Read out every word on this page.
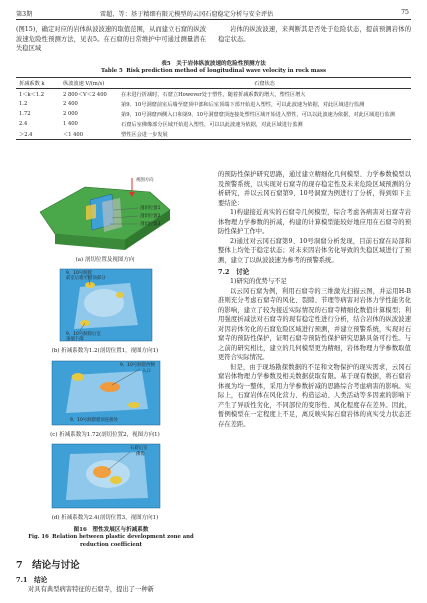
第3期	雷超，等：基于精细有限元模型的云冈石窟稳定分析与安全评估	75
(图15)，确定对应的岩体纵波波速的取值范围，从而建立石窟的纵波波速危险性预测方法，见表5。在石窟的日常维护中可通过测量潜在失稳区域
岩体的纵波波速，来判断其是否处于危险状态，提前预测岩体的稳定状态。
表5　关于岩体纵波波速的危险性预测方法
Table 5 Risk prediction method of longitudinal wave velocity in rock mass
折减系数 k	纵波波速 V/(m/s)	石窟状态
1＜k＜1.2	2 800＜V＜2 400	在未进行折减时，石窟立However处于塑性，随着折减系数的增大，塑性区增大
1.2	2 400	第9、10号洞窟前室后墙至窟顶中部和后室顶端下部开始进入塑性，可以此波速为依据，对此区域进行监测
1.72	2 000	第9、10号洞窟西侧入口和第9、10号洞窟窟顶连接处塑性区域开始进入塑性，可以以此波速为依据，对此区域进行监测
2.4	1 400	石窟后室佛像部分区域开始进入塑性，可以以此波速为依据，对此区域进行监测
＞2.4	＜1 400	塑性区会进一步发展
视图方向
剖切位置1
剖切位置2
剖切位置3
(a) 剖切位置及视图方向
9、10号洞窟
前室后墙至窟顶部分
9、10号洞窟后室
顶端下部
(b) 折减系数为1.2(剖切位置1，视图方向1)
9、10号洞窟西侧
入口
9、10号洞窟窟顶连接处
(c) 折减系数为1.72(剖切位置2，视图方向1)
石窟后室
佛像
(d) 折减系数为2.4(剖切位置3，视图方向1)
图16　塑性发展区与折减系数
Fig. 16 Relation between plastic development zone and reduction coefficient
7　结论与讨论
7.1　结论
对具有典型病害特征的石窟寺，提出了一种新
的预防性保护研究思路，通过建立精细化几何模型、力学参数模型以及预警系统，以实现对石窟寺的现存稳定性及未来危险区域预测的分析研究，并以云冈石窟第9、10号洞窟为例进行了分析，得到如下主要结论：
1)构建接近真实的石窟寺几何模型，综合考虑各病害对石窟寺岩体物理力学参数的折减，构建的计算模型能较好地应用在石窟寺的预防性保护工作中。
2)通过对云冈石窟第9、10号洞窟分析发现，目前石窟在局部和整体上均处于稳定状态；对未来因岩体劣化导致的失稳区域进行了预测，建立了以纵波波速为参考的预警系统。
7.2　讨论
1)研究的优势与不足
以云冈石窟为例，利用石窟寺的三维激光扫描云图，并运用H-B准则充分考虑石窟寺的风化、裂隙、节理等病害对岩体力学性能劣化的影响，建立了较为接近实际情况的石窟寺精细化数值计算模型；利用强度折减法对石窟寺的现有稳定性进行分析，结合岩体的纵波波速对因岩体劣化的石窟危险区域进行预测，并建立预警系统，实现对石窟寺的预防性保护，证明石窟寺预防性保护研究思路具备可行性。与之前的研究相比，建立的几何模型更为精细，岩体物理力学参数取值更符合实际情况。
但是，由于现场勘探数据的不足和文物保护的现实需求，云冈石窟岩体物理力学参数及相关数据获取有限。基于现有数据，将石窟岩体视为均一整体，采用力学参数折减的思路综合考虑病害的影响。实际上，石窟岩体在风化营力、构造运动、人类活动等多因素的影响下产生了异质性劣化，不同部位的变形性、风化程度存在差异。因此，暂例模型在一定程度上不足，离反映实际石窟岩体的真实受力状态还存在差距。
